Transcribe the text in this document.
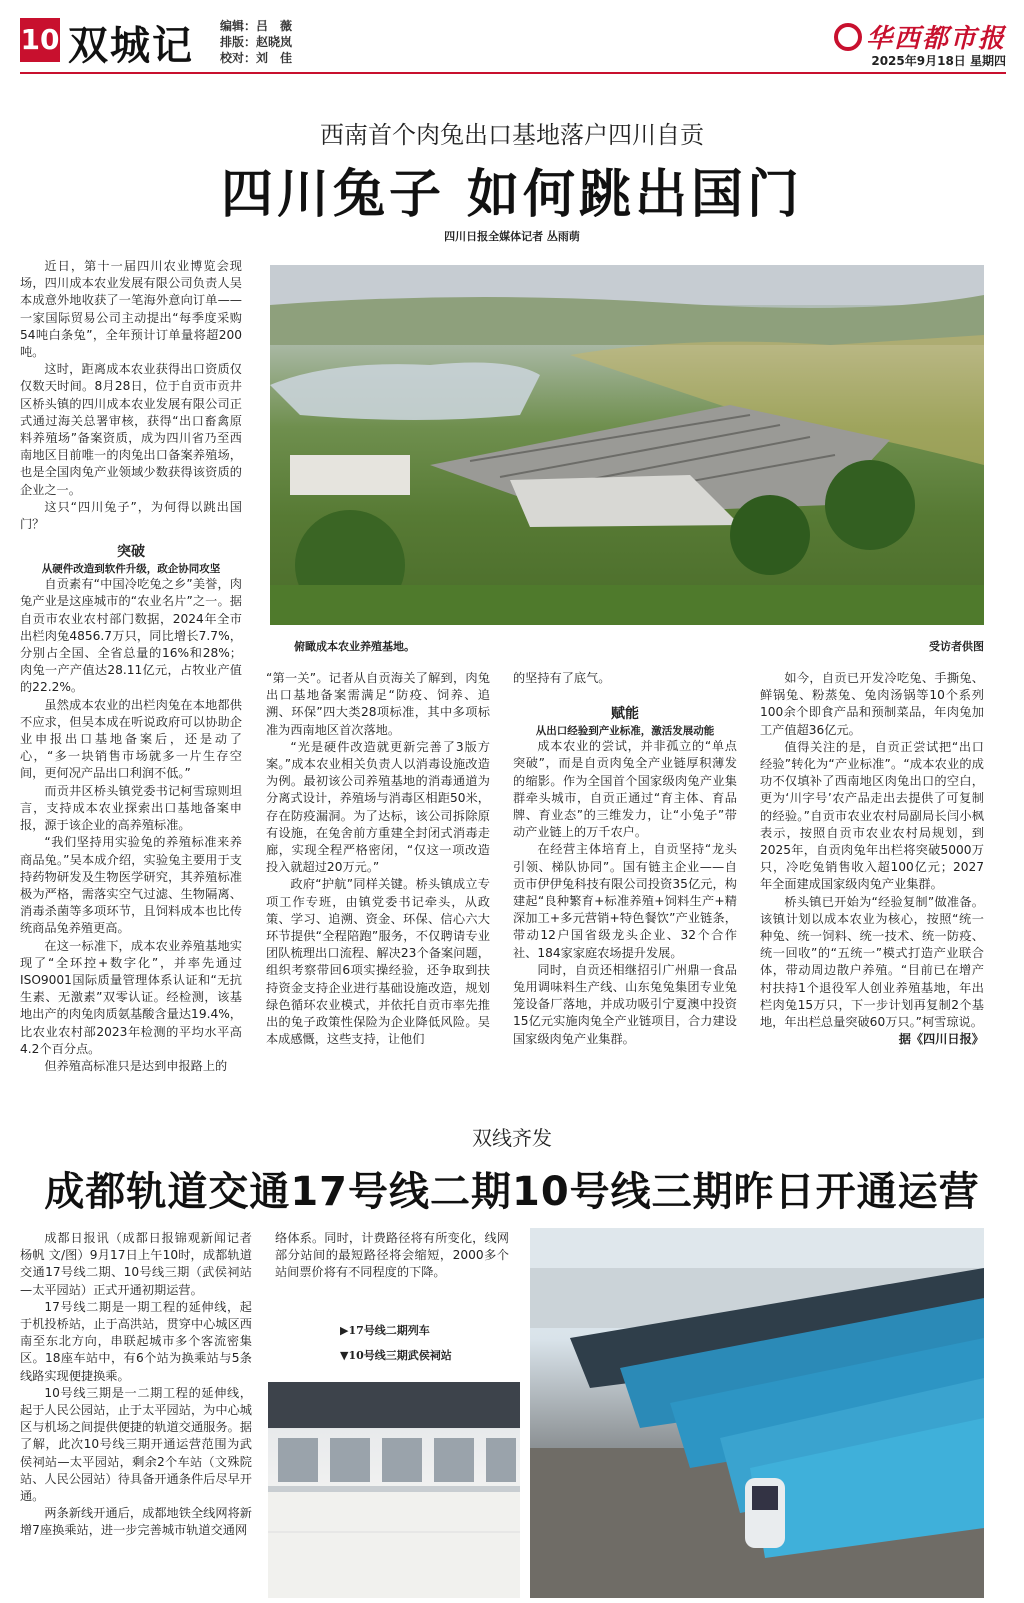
10 双城记 编辑：吕　薇
排版：赵晓岚
校对：刘　佳
华西都市报
2025年9月18日 星期四
西南首个肉兔出口基地落户四川自贡
四川兔子 如何跳出国门
四川日报全媒体记者 丛雨萌

近日，第十一届四川农业博览会现场，四川成本农业发展有限公司负责人吴本成意外地收获了一笔海外意向订单——一家国际贸易公司主动提出“每季度采购54吨白条兔”，全年预计订单量将超200吨。

这时，距离成本农业获得出口资质仅仅数天时间。8月28日，位于自贡市贡井区桥头镇的四川成本农业发展有限公司正式通过海关总署审核，获得“出口畜禽原料养殖场”备案资质，成为四川省乃至西南地区目前唯一的肉兔出口备案养殖场，也是全国肉兔产业领域少数获得该资质的企业之一。

这只“四川兔子”，为何得以跳出国门？

突破

从硬件改造到软件升级，政企协同攻坚

自贡素有“中国冷吃兔之乡”美誉，肉兔产业是这座城市的“农业名片”之一。据自贡市农业农村部门数据，2024年全市出栏肉兔4856.7万只，同比增长7.7%，分别占全国、全省总量的16%和28%；肉兔一产产值达28.11亿元，占牧业产值的22.2%。

虽然成本农业的出栏肉兔在本地都供不应求，但吴本成在听说政府可以协助企业申报出口基地备案后，还是动了心，“多一块销售市场就多一片生存空间，更何况产品出口利润不低。”

而贡井区桥头镇党委书记柯雪琼则坦言，支持成本农业探索出口基地备案申报，源于该企业的高养殖标准。

“我们坚持用实验兔的养殖标准来养商品兔。”吴本成介绍，实验兔主要用于支持药物研发及生物医学研究，其养殖标准极为严格，需落实空气过滤、生物隔离、消毒杀菌等多项环节，且饲料成本也比传统商品兔养殖更高。

在这一标准下，成本农业养殖基地实现了“全环控+数字化”，并率先通过ISO9001国际质量管理体系认证和“无抗生素、无激素”双零认证。经检测，该基地出产的肉兔肉质氨基酸含量达19.4%，比农业农村部2023年检测的平均水平高4.2个百分点。

但养殖高标准只是达到申报路上的

俯瞰成本农业养殖基地。	受访者供图

“第一关”。记者从自贡海关了解到，肉兔出口基地备案需满足“防疫、饲养、追溯、环保”四大类28项标准，其中多项标准为西南地区首次落地。

“光是硬件改造就更新完善了3版方案。”成本农业相关负责人以消毒设施改造为例。最初该公司养殖基地的消毒通道为分离式设计，养殖场与消毒区相距50米，存在防疫漏洞。为了达标，该公司拆除原有设施，在兔舍前方重建全封闭式消毒走廊，实现全程严格密闭，“仅这一项改造投入就超过20万元。”

政府“护航”同样关键。桥头镇成立专项工作专班，由镇党委书记牵头，从政策、学习、追溯、资金、环保、信心六大环节提供“全程陪跑”服务，不仅聘请专业团队梳理出口流程、解决23个备案问题，组织考察带回6项实操经验，还争取到扶持资金支持企业进行基础设施改造，规划绿色循环农业模式，并依托自贡市率先推出的兔子政策性保险为企业降低风险。吴本成感慨，这些支持，让他们

的坚持有了底气。

赋能

从出口经验到产业标准，激活发展动能

成本农业的尝试，并非孤立的“单点突破”，而是自贡肉兔全产业链厚积薄发的缩影。作为全国首个国家级肉兔产业集群牵头城市，自贡正通过“育主体、育品牌、育业态”的三维发力，让“小兔子”带动产业链上的万千农户。

在经营主体培育上，自贡坚持“龙头引领、梯队协同”。国有链主企业——自贡市伊伊兔科技有限公司投资35亿元，构建起“良种繁育+标准养殖+饲料生产+精深加工+多元营销+特色餐饮”产业链条，带动12户国省级龙头企业、32个合作社、184家家庭农场提升发展。

同时，自贡还相继招引广州鼎一食品兔用调味料生产线、山东兔兔集团专业兔笼设备厂落地，并成功吸引宁夏澳中投资15亿元实施肉兔全产业链项目，合力建设国家级肉兔产业集群。

如今，自贡已开发冷吃兔、手撕兔、鲜锅兔、粉蒸兔、兔肉汤锅等10个系列100余个即食产品和预制菜品，年肉兔加工产值超36亿元。

值得关注的是，自贡正尝试把“出口经验”转化为“产业标准”。“成本农业的成功不仅填补了西南地区肉兔出口的空白，更为‘川字号’农产品走出去提供了可复制的经验。”自贡市农业农村局副局长闫小枫表示，按照自贡市农业农村局规划，到2025年，自贡肉兔年出栏将突破5000万只，冷吃兔销售收入超100亿元；2027年全面建成国家级肉兔产业集群。

桥头镇已开始为“经验复制”做准备。该镇计划以成本农业为核心，按照“统一种兔、统一饲料、统一技术、统一防疫、统一回收”的“五统一”模式打造产业联合体，带动周边散户养殖。“目前已在增产村扶持1个退役军人创业养殖基地，年出栏肉兔15万只，下一步计划再复制2个基地，年出栏总量突破60万只。”柯雪琼说。

据《四川日报》

双线齐发
成都轨道交通17号线二期10号线三期昨日开通运营

成都日报讯（成都日报锦观新闻记者 杨帆 文/图）9月17日上午10时，成都轨道交通17号线二期、10号线三期（武侯祠站—太平园站）正式开通初期运营。

17号线二期是一期工程的延伸线，起于机投桥站，止于高洪站，贯穿中心城区西南至东北方向，串联起城市多个客流密集区。18座车站中，有6个站为换乘站与5条线路实现便捷换乘。

10号线三期是一二期工程的延伸线，起于人民公园站，止于太平园站，为中心城区与机场之间提供便捷的轨道交通服务。据了解，此次10号线三期开通运营范围为武侯祠站—太平园站，剩余2个车站（文殊院站、人民公园站）待具备开通条件后尽早开通。

两条新线开通后，成都地铁全线网将新增7座换乘站，进一步完善城市轨道交通网

络体系。同时，计费路径将有所变化，线网部分站间的最短路径将会缩短，2000多个站间票价将有不同程度的下降。

▶17号线二期列车
▼10号线三期武侯祠站
